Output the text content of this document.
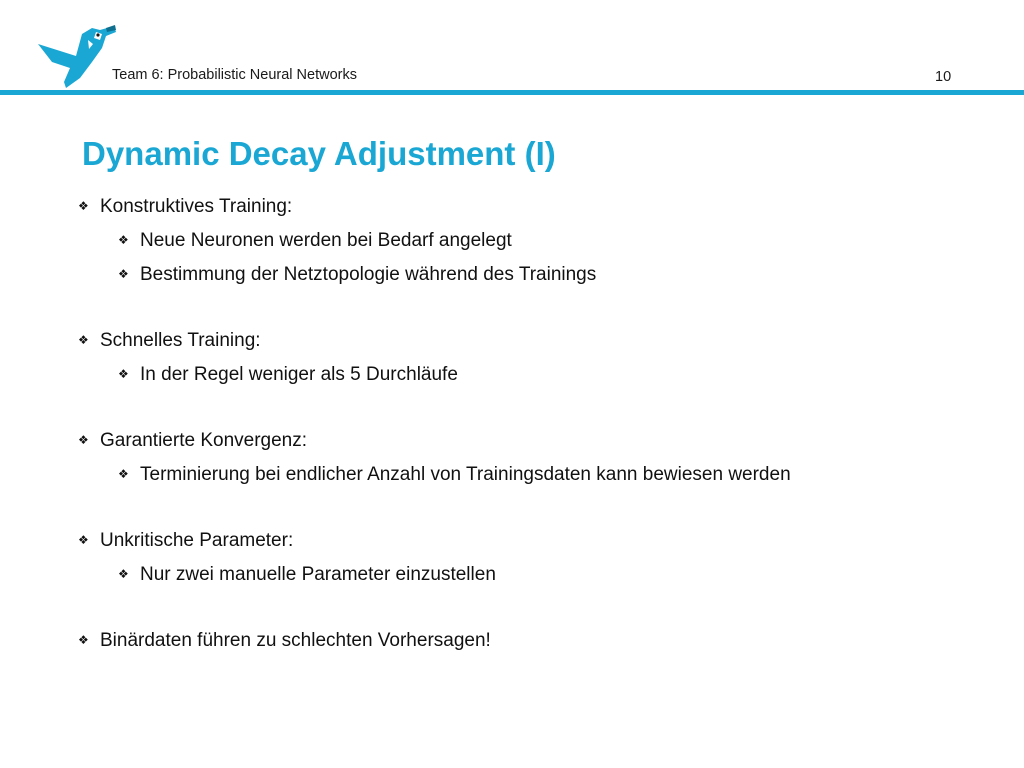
Team 6: Probabilistic Neural Networks	10
Dynamic Decay Adjustment (I)
❖ Konstruktives Training:
❖ Neue Neuronen werden bei Bedarf angelegt
❖ Bestimmung der Netztopologie während des Trainings
❖ Schnelles Training:
❖ In der Regel weniger als 5 Durchläufe
❖ Garantierte Konvergenz:
❖ Terminierung bei endlicher Anzahl von Trainingsdaten kann bewiesen werden
❖ Unkritische Parameter:
❖ Nur zwei manuelle Parameter einzustellen
❖ Binärdaten führen zu schlechten Vorhersagen!
